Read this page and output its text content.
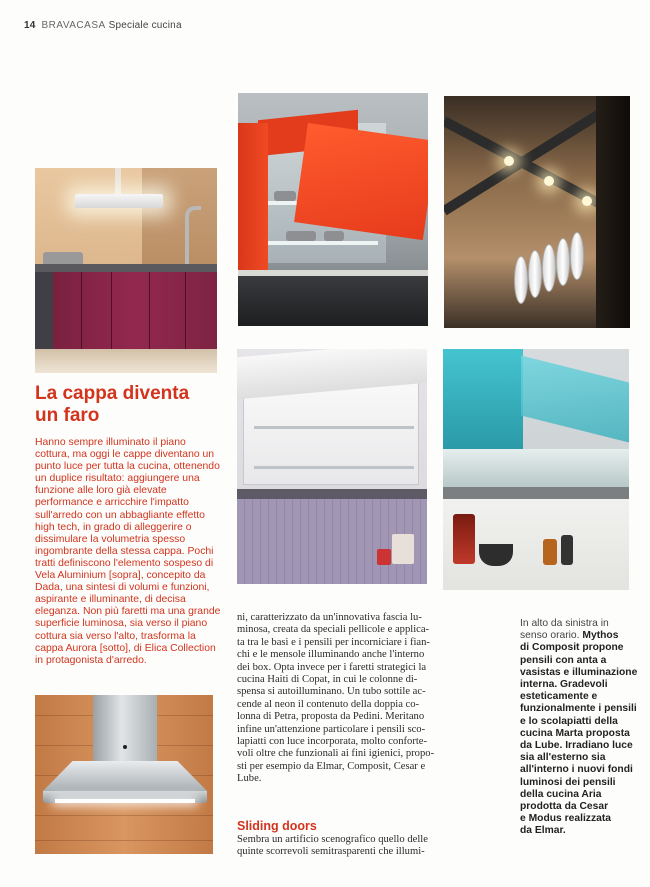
14 BRAVACASA Speciale cucina
La cappa diventa
un faro

Hanno sempre illuminato il piano cottura, ma oggi le cappe diventano un punto luce per tutta la cucina, ottenendo un duplice risultato: aggiungere una funzione alle loro già elevate performance e arricchire l'impatto sull'arredo con un abbagliante effetto high tech, in grado di alleggerire o dissimulare la volumetria spesso ingombrante della stessa cappa. Pochi tratti definiscono l'elemento sospeso di Vela Aluminium [sopra], concepito da Dada, una sintesi di volumi e funzioni, aspirante e illuminante, di decisa eleganza. Non più faretti ma una grande superficie luminosa, sia verso il piano cottura sia verso l'alto, trasforma la cappa Aurora [sotto], di Elica Collection in protagonista d'arredo.

ni, caratterizzato da un'innovativa fascia lu-
minosa, creata da speciali pellicole e applica-
ta tra le basi e i pensili per incorniciare i fian-
chi e le mensole illuminando anche l'interno
dei box. Opta invece per i faretti strategici la
cucina Haiti di Copat, in cui le colonne di-
spensa si autoilluminano. Un tubo sottile ac-
cende al neon il contenuto della doppia co-
lonna di Petra, proposta da Pedini. Meritano
infine un'attenzione particolare i pensili sco-
lapiatti con luce incorporata, molto conforte-
voli oltre che funzionali ai fini igienici, propo-
sti per esempio da Elmar, Composit, Cesar e
Lube.
Sliding doors
Sembra un artificio scenografico quello delle
quinte scorrevoli semitrasparenti che illumi-
In alto da sinistra in
senso orario. Mythos
di Composit propone
pensili con anta a
vasistas e illuminazione
interna. Gradevoli
esteticamente e
funzionalmente i pensili
e lo scolapiatti della
cucina Marta proposta
da Lube. Irradiano luce
sia all'esterno sia
all'interno i nuovi fondi
luminosi dei pensili
della cucina Aria
prodotta da Cesar
e Modus realizzata
da Elmar.
